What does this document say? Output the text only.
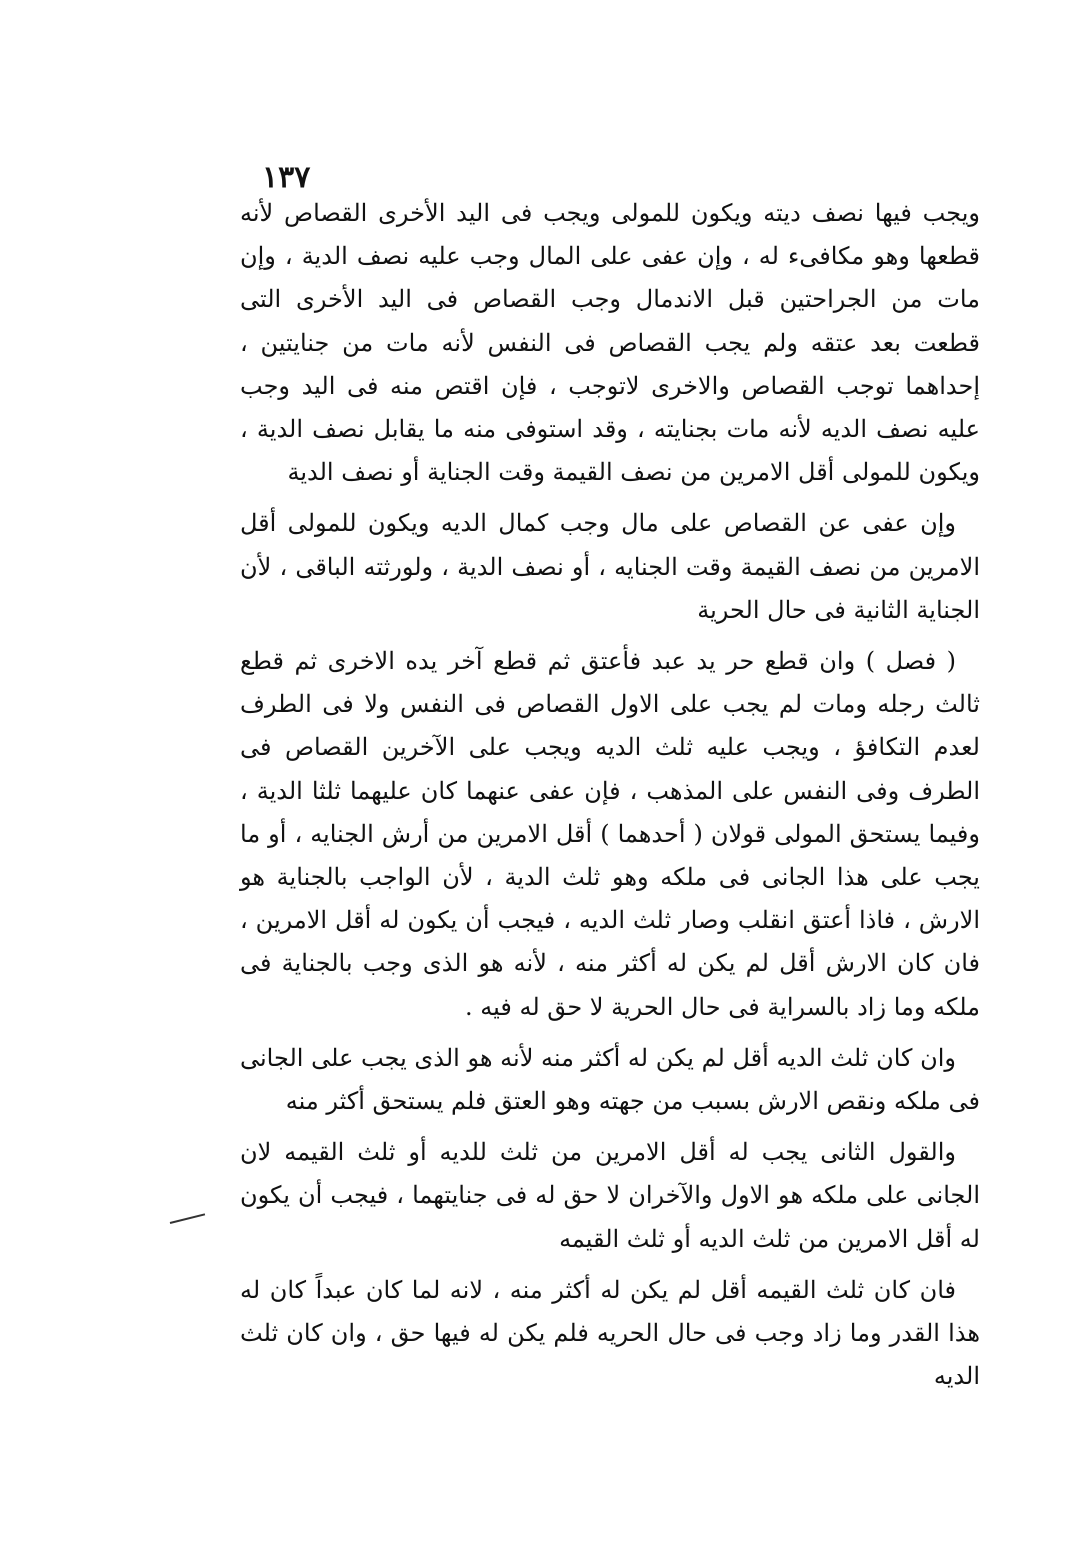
١٣٧

ويجب فيها نصف ديته ويكون للمولى ويجب فى اليد الأخرى القصاص لأنه قطعها وهو مكافىء له ، وإن عفى على المال وجب عليه نصف الدية ، وإن مات من الجراحتين قبل الاندمال وجب القصاص فى اليد الأخرى التى قطعت بعد عتقه ولم يجب القصاص فى النفس لأنه مات من جنايتين ، إحداهما توجب القصاص والاخرى لاتوجب ، فإن اقتص منه فى اليد وجب عليه نصف الديه لأنه مات بجنايته ، وقد استوفى منه ما يقابل نصف الدية ، ويكون للمولى أقل الامرين من نصف القيمة وقت الجناية أو نصف الدية

وإن عفى عن القصاص على مال وجب كمال الديه ويكون للمولى أقل الامرين من نصف القيمة وقت الجنايه ، أو نصف الدية ، ولورثته الباقى ، لأن الجناية الثانية فى حال الحرية

( فصل ) وان قطع حر يد عبد فأعتق ثم قطع آخر يده الاخرى ثم قطع ثالث رجله ومات لم يجب على الاول القصاص فى النفس ولا فى الطرف لعدم التكافؤ ، ويجب عليه ثلث الديه ويجب على الآخرين القصاص فى الطرف وفى النفس على المذهب ، فإن عفى عنهما كان عليهما ثلثا الدية ، وفيما يستحق المولى قولان ( أحدهما ) أقل الامرين من أرش الجنايه ، أو ما يجب على هذا الجانى فى ملكه وهو ثلث الدية ، لأن الواجب بالجناية هو الارش ، فاذا أعتق انقلب وصار ثلث الديه ، فيجب أن يكون له أقل الامرين ، فان كان الارش أقل لم يكن له أكثر منه ، لأنه هو الذى وجب بالجناية فى ملكه وما زاد بالسراية فى حال الحرية لا حق له فيه .

وان كان ثلث الديه أقل لم يكن له أكثر منه لأنه هو الذى يجب على الجانى فى ملكه ونقص الارش بسبب من جهته وهو العتق فلم يستحق أكثر منه

والقول الثانى يجب له أقل الامرين من ثلث للديه أو ثلث القيمه لان الجانى على ملكه هو الاول والآخران لا حق له فى جنايتهما ، فيجب أن يكون له أقل الامرين من ثلث الديه أو ثلث القيمه

فان كان ثلث القيمه أقل لم يكن له أكثر منه ، لانه لما كان عبداً كان له هذا القدر وما زاد وجب فى حال الحريه فلم يكن له فيها حق ، وان كان ثلث الديه
